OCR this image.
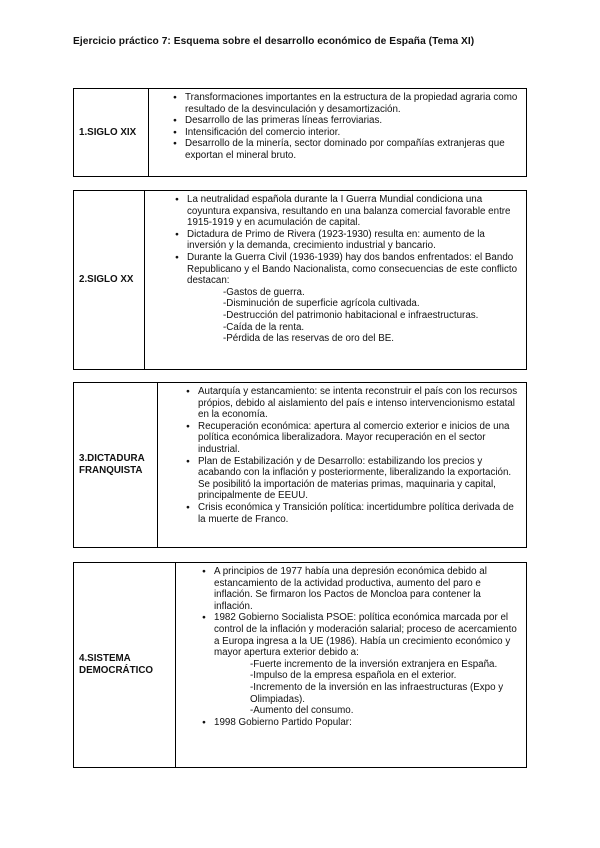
Ejercicio práctico 7: Esquema sobre el desarrollo económico de España (Tema XI)
1.SIGLO XIX	
● Transformaciones importantes en la estructura de la propiedad agraria como resultado de la desvinculación y desamortización.
● Desarrollo de las primeras líneas ferroviarias.
● Intensificación del comercio interior.
● Desarrollo de la minería, sector dominado por compañías extranjeras que exportan el mineral bruto.
2.SIGLO XX	
● La neutralidad española durante la I Guerra Mundial condiciona una coyuntura expansiva, resultando en una balanza comercial favorable entre 1915-1919 y en acumulación de capital.
● Dictadura de Primo de Rivera (1923-1930) resulta en: aumento de la inversión y la demanda, crecimiento industrial y bancario.
● Durante la Guerra Civil (1936-1939) hay dos bandos enfrentados: el Bando Republicano y el Bando Nacionalista, como consecuencias de este conflicto destacan:
-Gastos de guerra.
-Disminución de superficie agrícola cultivada.
-Destrucción del patrimonio habitacional e infraestructuras.
-Caída de la renta.
-Pérdida de las reservas de oro del BE.
3.DICTADURA
FRANQUISTA

● Autarquía y estancamiento: se intenta reconstruir el país con los recursos própios, debido al aislamiento del país e intenso intervencionismo estatal en la economía.
● Recuperación económica: apertura al comercio exterior e inicios de una política económica liberalizadora. Mayor recuperación en el sector industrial.
● Plan de Estabilización y de Desarrollo: estabilizando los precios y acabando con la inflación y posteriormente, liberalizando la exportación. Se posibilitó la importación de materias primas, maquinaria y capital, principalmente de EEUU.
● Crisis económica y Transición política: incertidumbre política derivada de la muerte de Franco.
4.SISTEMA
DEMOCRÁTICO

● A principios de 1977 había una depresión económica debido al estancamiento de la actividad productiva, aumento del paro e inflación. Se firmaron los Pactos de Moncloa para contener la inflación.
● 1982 Gobierno Socialista PSOE: política económica marcada por el control de la inflación y moderación salarial; proceso de acercamiento a Europa ingresa a la UE (1986). Había un crecimiento económico y mayor apertura exterior debido a:
-Fuerte incremento de la inversión extranjera en España.
-Impulso de la empresa española en el exterior.
-Incremento de la inversión en las infraestructuras (Expo y Olimpiadas).
-Aumento del consumo.
● 1998 Gobierno Partido Popular:
